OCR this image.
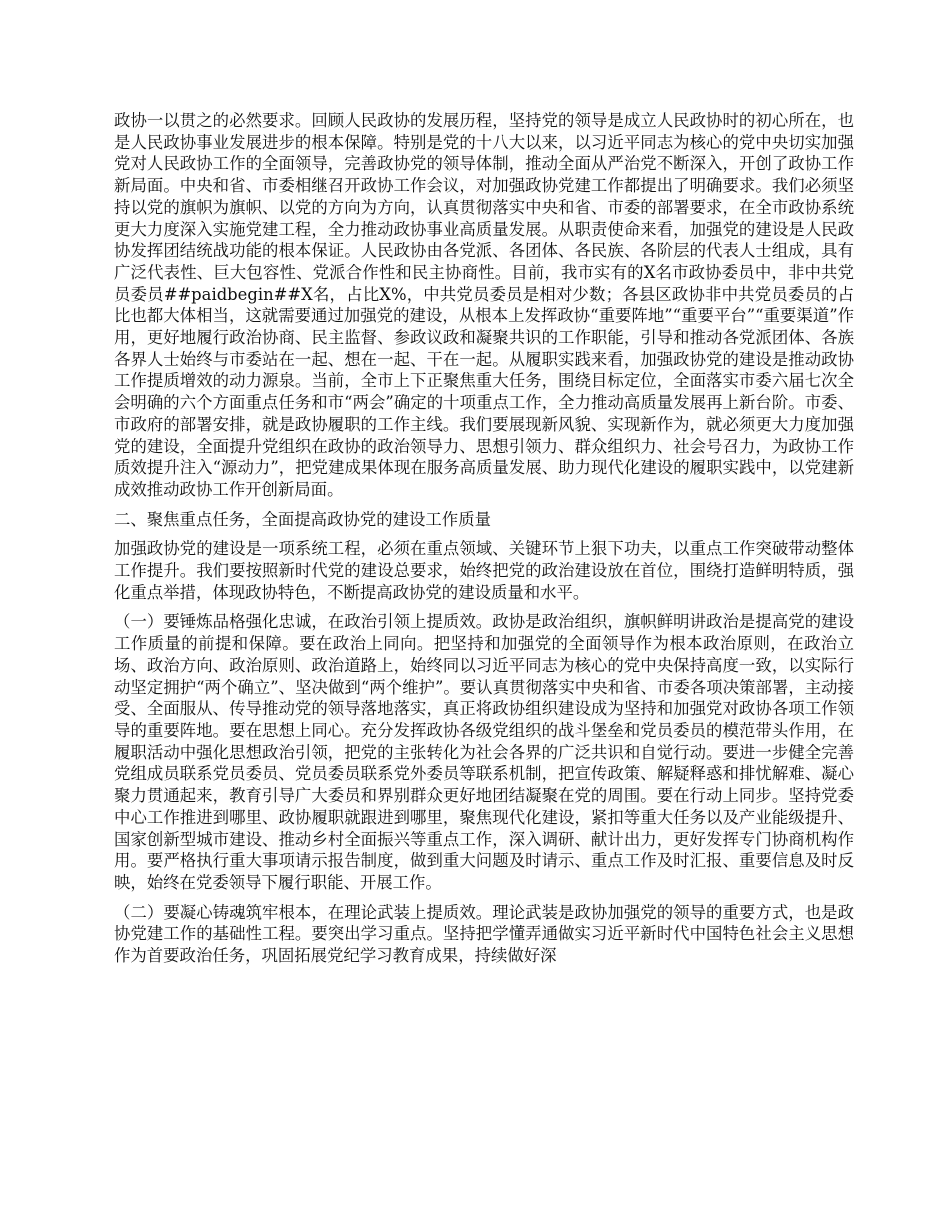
政协一以贯之的必然要求。回顾人民政协的发展历程，坚持党的领导是成立人民政协时的初心所在，也是人民政协事业发展进步的根本保障。特别是党的十八大以来，以习近平同志为核心的党中央切实加强党对人民政协工作的全面领导，完善政协党的领导体制，推动全面从严治党不断深入，开创了政协工作新局面。中央和省、市委相继召开政协工作会议，对加强政协党建工作都提出了明确要求。我们必须坚持以党的旗帜为旗帜、以党的方向为方向，认真贯彻落实中央和省、市委的部署要求，在全市政协系统更大力度深入实施党建工程，全力推动政协事业高质量发展。从职责使命来看，加强党的建设是人民政协发挥团结统战功能的根本保证。人民政协由各党派、各团体、各民族、各阶层的代表人士组成，具有广泛代表性、巨大包容性、党派合作性和民主协商性。目前，我市实有的X名市政协委员中，非中共党员委员##paidbegin##X名，占比X%，中共党员委员是相对少数；各县区政协非中共党员委员的占比也都大体相当，这就需要通过加强党的建设，从根本上发挥政协“重要阵地”“重要平台”“重要渠道”作用，更好地履行政治协商、民主监督、参政议政和凝聚共识的工作职能，引导和推动各党派团体、各族各界人士始终与市委站在一起、想在一起、干在一起。从履职实践来看，加强政协党的建设是推动政协工作提质增效的动力源泉。当前，全市上下正聚焦重大任务，围绕目标定位，全面落实市委六届七次全会明确的六个方面重点任务和市“两会”确定的十项重点工作，全力推动高质量发展再上新台阶。市委、市政府的部署安排，就是政协履职的工作主线。我们要展现新风貌、实现新作为，就必须更大力度加强党的建设，全面提升党组织在政协的政治领导力、思想引领力、群众组织力、社会号召力，为政协工作质效提升注入“源动力”，把党建成果体现在服务高质量发展、助力现代化建设的履职实践中，以党建新成效推动政协工作开创新局面。

二、聚焦重点任务，全面提高政协党的建设工作质量

加强政协党的建设是一项系统工程，必须在重点领域、关键环节上狠下功夫，以重点工作突破带动整体工作提升。我们要按照新时代党的建设总要求，始终把党的政治建设放在首位，围绕打造鲜明特质，强化重点举措，体现政协特色，不断提高政协党的建设质量和水平。

（一）要锤炼品格强化忠诚，在政治引领上提质效。政协是政治组织，旗帜鲜明讲政治是提高党的建设工作质量的前提和保障。要在政治上同向。把坚持和加强党的全面领导作为根本政治原则，在政治立场、政治方向、政治原则、政治道路上，始终同以习近平同志为核心的党中央保持高度一致，以实际行动坚定拥护“两个确立”、坚决做到“两个维护”。要认真贯彻落实中央和省、市委各项决策部署，主动接受、全面服从、传导推动党的领导落地落实，真正将政协组织建设成为坚持和加强党对政协各项工作领导的重要阵地。要在思想上同心。充分发挥政协各级党组织的战斗堡垒和党员委员的模范带头作用，在履职活动中强化思想政治引领，把党的主张转化为社会各界的广泛共识和自觉行动。要进一步健全完善党组成员联系党员委员、党员委员联系党外委员等联系机制，把宣传政策、解疑释惑和排忧解难、凝心聚力贯通起来，教育引导广大委员和界别群众更好地团结凝聚在党的周围。要在行动上同步。坚持党委中心工作推进到哪里、政协履职就跟进到哪里，聚焦现代化建设，紧扣等重大任务以及产业能级提升、国家创新型城市建设、推动乡村全面振兴等重点工作，深入调研、献计出力，更好发挥专门协商机构作用。要严格执行重大事项请示报告制度，做到重大问题及时请示、重点工作及时汇报、重要信息及时反映，始终在党委领导下履行职能、开展工作。

（二）要凝心铸魂筑牢根本，在理论武装上提质效。理论武装是政协加强党的领导的重要方式，也是政协党建工作的基础性工程。要突出学习重点。坚持把学懂弄通做实习近平新时代中国特色社会主义思想作为首要政治任务，巩固拓展党纪学习教育成果，持续做好深
